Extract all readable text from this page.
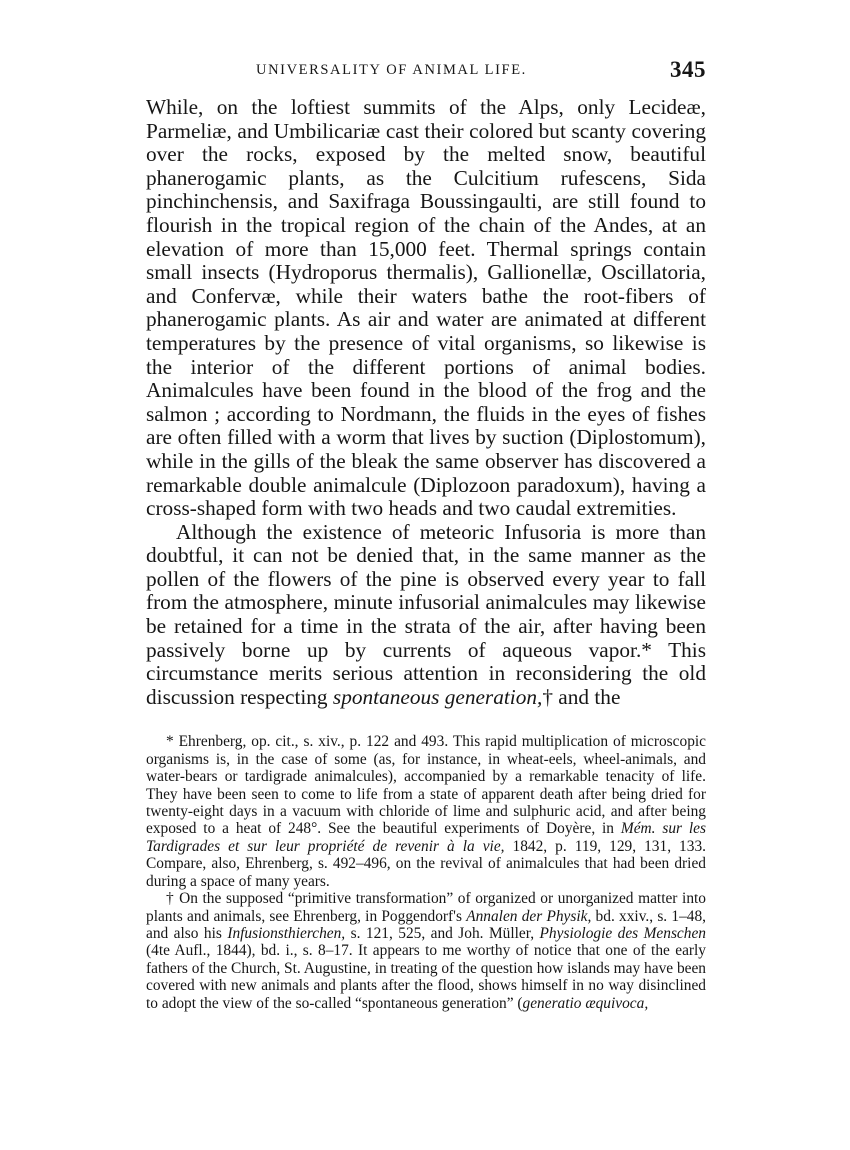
UNIVERSALITY OF ANIMAL LIFE.	345

While, on the loftiest summits of the Alps, only Lecideæ, Parmeliæ, and Umbilicariæ cast their colored but scanty covering over the rocks, exposed by the melted snow, beautiful phanerogamic plants, as the Culcitium rufescens, Sida pinchinchensis, and Saxifraga Boussingaulti, are still found to flourish in the tropical region of the chain of the Andes, at an elevation of more than 15,000 feet. Thermal springs contain small insects (Hydroporus thermalis), Gallionellæ, Oscillatoria, and Confervæ, while their waters bathe the root-fibers of phanerogamic plants. As air and water are animated at different temperatures by the presence of vital organisms, so likewise is the interior of the different portions of animal bodies. Animalcules have been found in the blood of the frog and the salmon ; according to Nordmann, the fluids in the eyes of fishes are often filled with a worm that lives by suction (Diplostomum), while in the gills of the bleak the same observer has discovered a remarkable double animalcule (Diplozoon paradoxum), having a cross-shaped form with two heads and two caudal extremities.

Although the existence of meteoric Infusoria is more than doubtful, it can not be denied that, in the same manner as the pollen of the flowers of the pine is observed every year to fall from the atmosphere, minute infusorial animalcules may likewise be retained for a time in the strata of the air, after having been passively borne up by currents of aqueous vapor.* This circumstance merits serious attention in reconsidering the old discussion respecting spontaneous generation,† and the

* Ehrenberg, op. cit., s. xiv., p. 122 and 493. This rapid multiplication of microscopic organisms is, in the case of some (as, for instance, in wheat-eels, wheel-animals, and water-bears or tardigrade animalcules), accompanied by a remarkable tenacity of life. They have been seen to come to life from a state of apparent death after being dried for twenty-eight days in a vacuum with chloride of lime and sulphuric acid, and after being exposed to a heat of 248°. See the beautiful experiments of Doyère, in Mém. sur les Tardigrades et sur leur propriété de revenir à la vie, 1842, p. 119, 129, 131, 133. Compare, also, Ehrenberg, s. 492–496, on the revival of animalcules that had been dried during a space of many years.

† On the supposed “primitive transformation” of organized or unorganized matter into plants and animals, see Ehrenberg, in Poggendorf's Annalen der Physik, bd. xxiv., s. 1–48, and also his Infusionsthierchen, s. 121, 525, and Joh. Müller, Physiologie des Menschen (4te Aufl., 1844), bd. i., s. 8–17. It appears to me worthy of notice that one of the early fathers of the Church, St. Augustine, in treating of the question how islands may have been covered with new animals and plants after the flood, shows himself in no way disinclined to adopt the view of the so-called “spontaneous generation” (generatio æquivoca,
